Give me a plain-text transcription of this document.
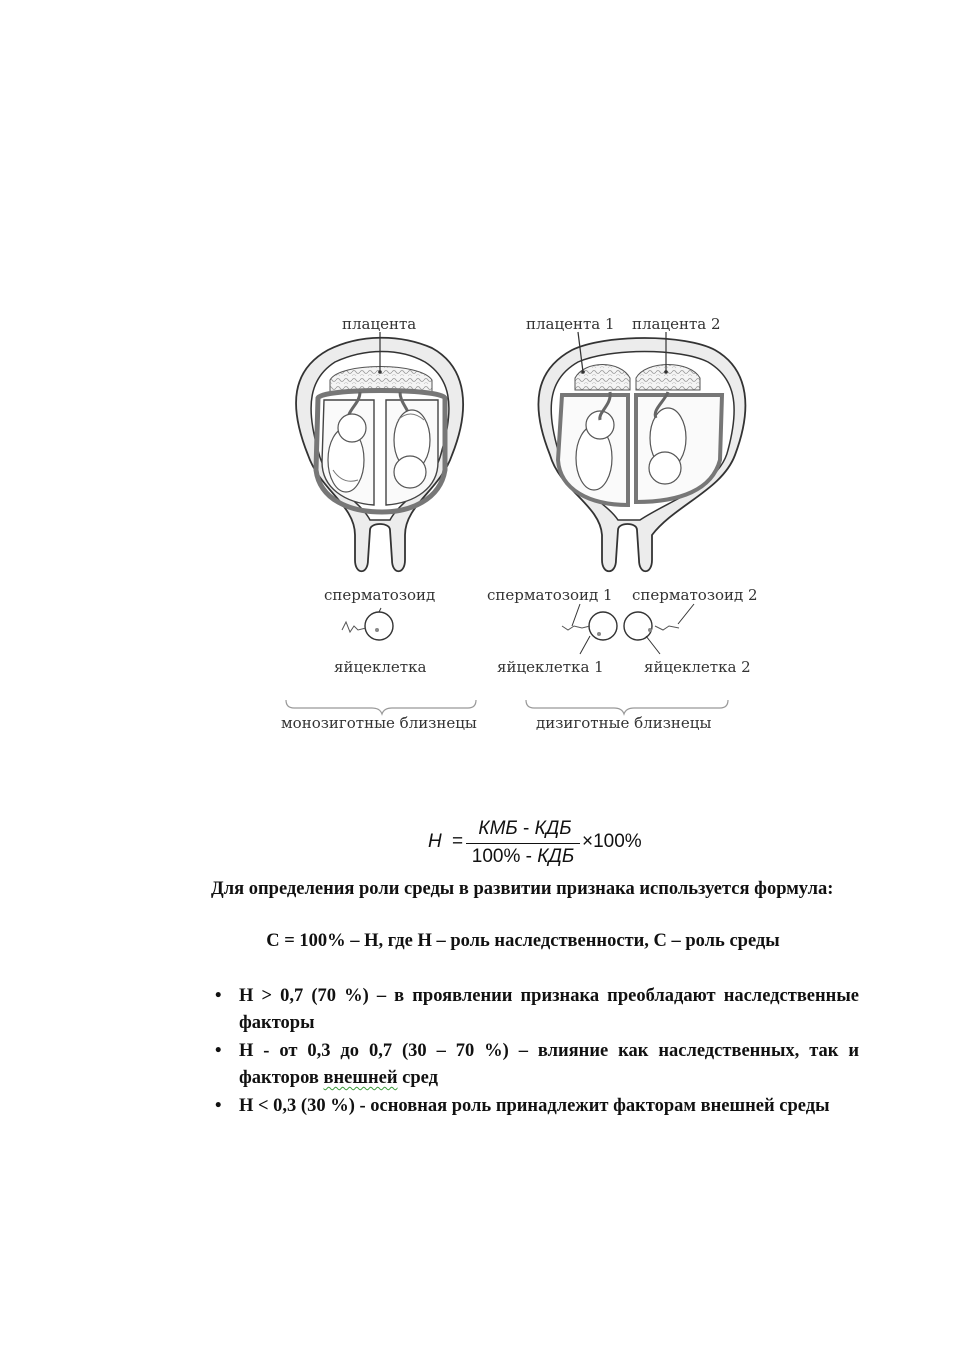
плацента	плацента 1 плацента 2
сперматозоид	сперматозоид 1 сперматозоид 2
яйцеклетка	яйцеклетка 1	яйцеклетка 2
монозиготные близнецы	дизиготные близнецы
H =
КМБ - КДБ
100% - КДБ
×100%
Для определения роли среды в развитии признака используется формула:
С = 100% – Н, где Н – роль наследственности, С – роль среды
• Н > 0,7 (70 %) – в проявлении признака преобладают наследственные факторы
• Н - от 0,3 до 0,7 (30 – 70 %) – влияние как наследственных, так и факторов внешней сред
• Н < 0,3 (30 %) - основная роль принадлежит факторам внешней среды
